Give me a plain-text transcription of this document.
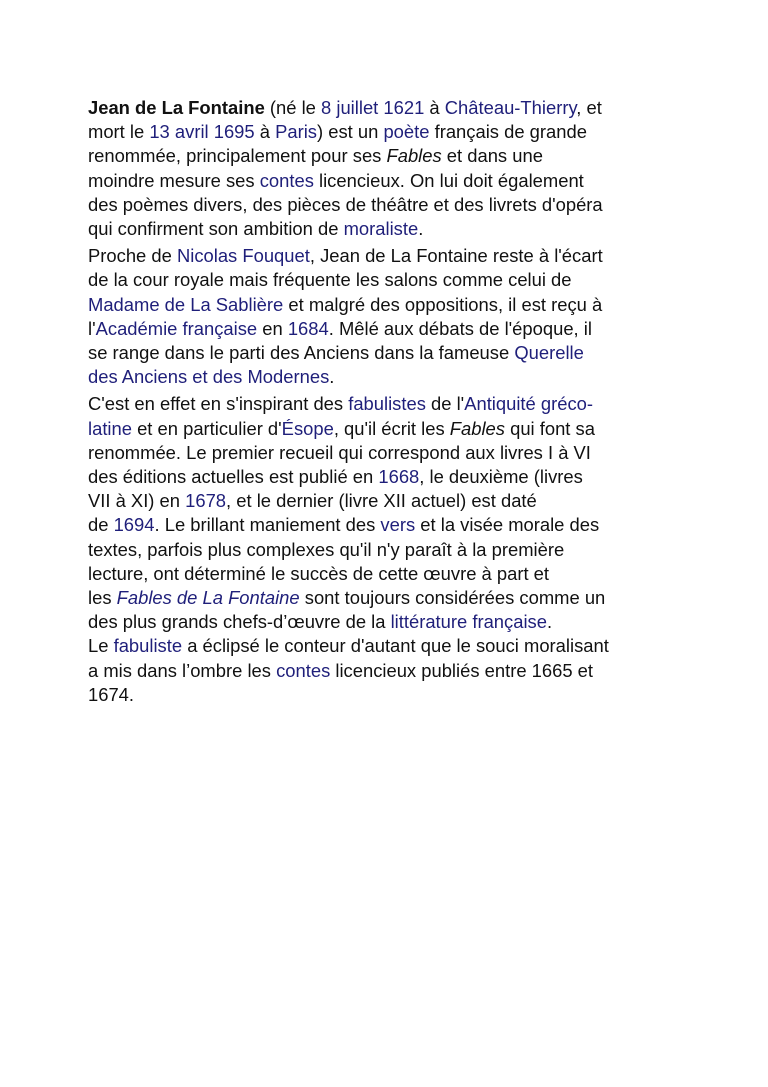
Jean de La Fontaine (né le 8 juillet 1621 à Château-Thierry, et
mort le 13 avril 1695 à Paris) est un poète français de grande
renommée, principalement pour ses Fables et dans une
moindre mesure ses contes licencieux. On lui doit également
des poèmes divers, des pièces de théâtre et des livrets d'opéra
qui confirment son ambition de moraliste.

Proche de Nicolas Fouquet, Jean de La Fontaine reste à l'écart
de la cour royale mais fréquente les salons comme celui de
Madame de La Sablière et malgré des oppositions, il est reçu à
l'Académie française en 1684. Mêlé aux débats de l'époque, il
se range dans le parti des Anciens dans la fameuse Querelle
des Anciens et des Modernes.

C'est en effet en s'inspirant des fabulistes de l'Antiquité gréco-
latine et en particulier d'Ésope, qu'il écrit les Fables qui font sa
renommée. Le premier recueil qui correspond aux livres I à VI
des éditions actuelles est publié en 1668, le deuxième (livres
VII à XI) en 1678, et le dernier (livre XII actuel) est daté
de 1694. Le brillant maniement des vers et la visée morale des
textes, parfois plus complexes qu'il n'y paraît à la première
lecture, ont déterminé le succès de cette œuvre à part et
les Fables de La Fontaine sont toujours considérées comme un
des plus grands chefs-d’œuvre de la littérature française.
Le fabuliste a éclipsé le conteur d'autant que le souci moralisant
a mis dans l’ombre les contes licencieux publiés entre 1665 et
1674.
